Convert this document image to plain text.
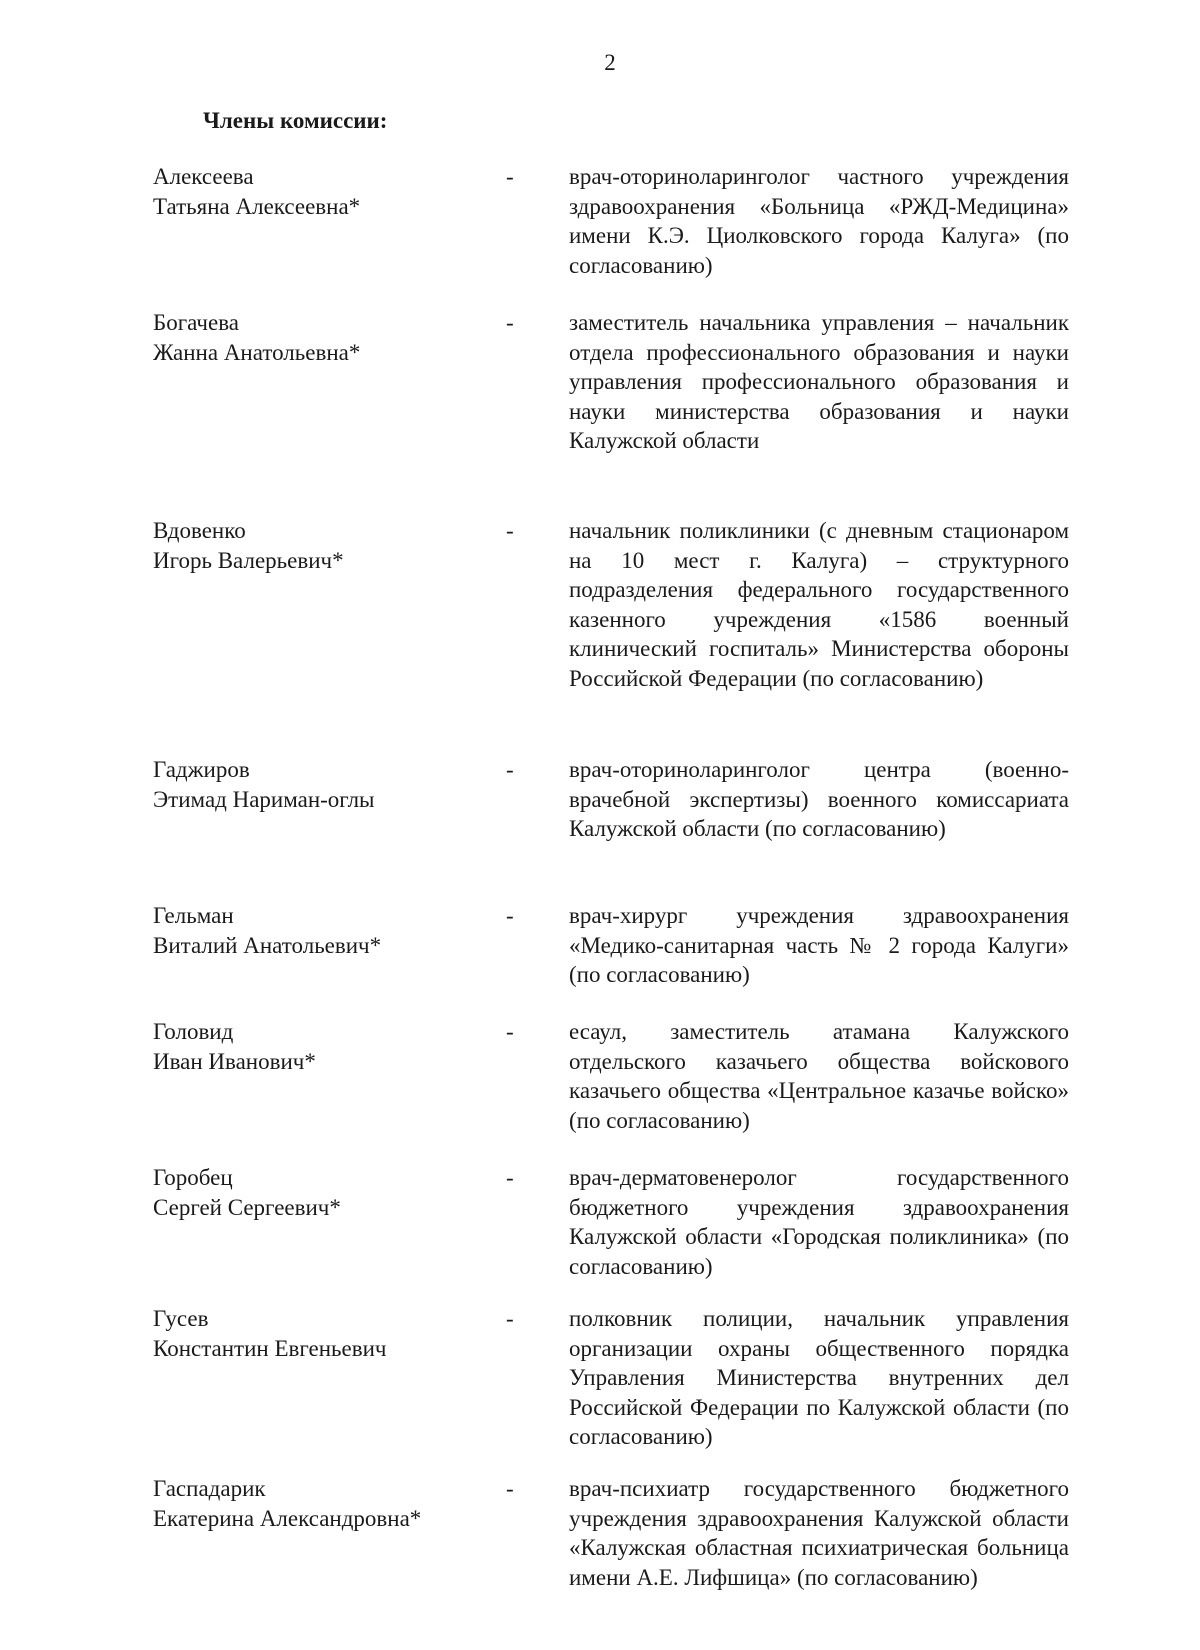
2
Члены комиссии:
Алексеева
Татьяна Алексеевна*
- врач-оториноларинголог частного учреждения здравоохранения «Больница «РЖД-Медицина» имени К.Э. Циолковского города Калуга» (по согласованию)
Богачева
Жанна Анатольевна*
- заместитель начальника управления – начальник отдела профессионального образования и науки управления профессионального образования и науки министерства образования и науки Калужской области
Вдовенко
Игорь Валерьевич*
- начальник поликлиники (с дневным стационаром на 10 мест г. Калуга) – структурного подразделения федерального государственного казенного учреждения «1586 военный клинический госпиталь» Министерства обороны Российской Федерации (по согласованию)
Гаджиров
Этимад Нариман-оглы
- врач-оториноларинголог центра (военно-врачебной экспертизы) военного комиссариата Калужской области (по согласованию)
Гельман
Виталий Анатольевич*
- врач-хирург учреждения здравоохранения «Медико-санитарная часть № 2 города Калуги» (по согласованию)
Головид
Иван Иванович*
- есаул, заместитель атамана Калужского отдельского казачьего общества войскового казачьего общества «Центральное казачье войско» (по согласованию)
Горобец
Сергей Сергеевич*
- врач-дерматовенеролог государственного бюджетного учреждения здравоохранения Калужской области «Городская поликлиника» (по согласованию)
Гусев
Константин Евгеньевич
- полковник полиции, начальник управления организации охраны общественного порядка Управления Министерства внутренних дел Российской Федерации по Калужской области (по согласованию)
Гаспадарик
Екатерина Александровна*
- врач-психиатр государственного бюджетного учреждения здравоохранения Калужской области «Калужская областная психиатрическая больница имени А.Е. Лифшица» (по согласованию)
